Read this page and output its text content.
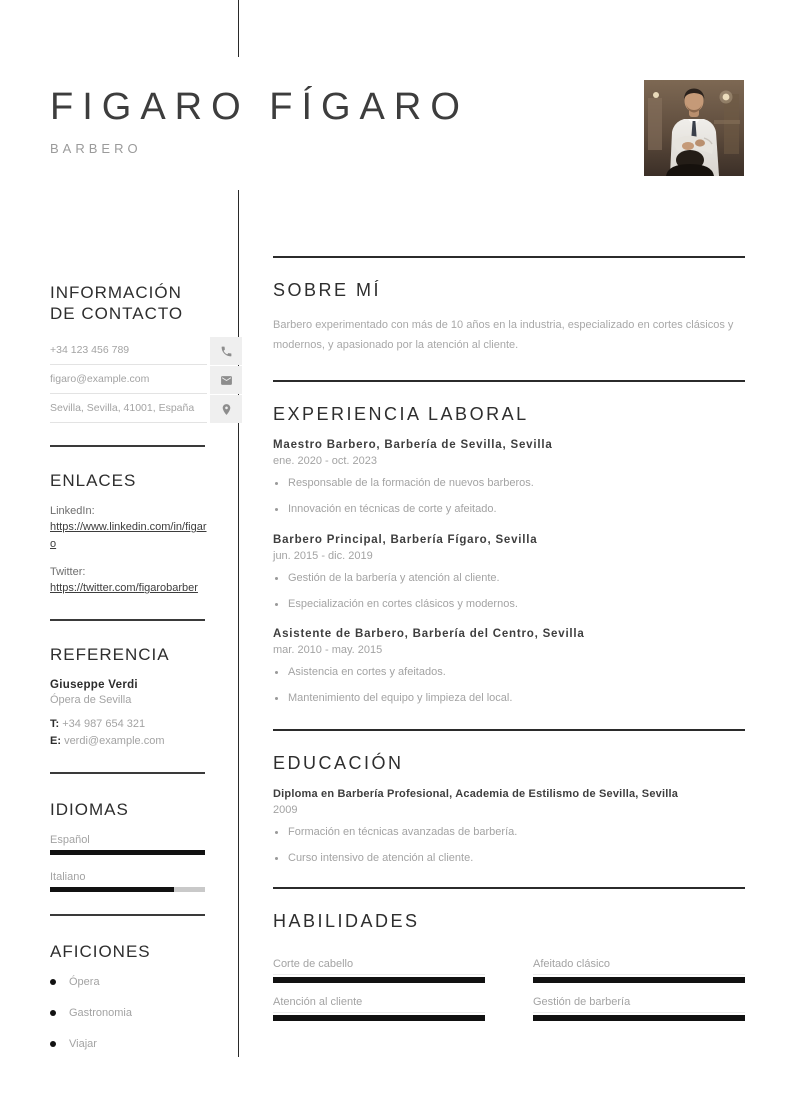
FIGARO FÍGARO
BARBERO
INFORMACIÓN DE CONTACTO
+34 123 456 789
figaro@example.com
Sevilla, Sevilla, 41001, España
ENLACES
LinkedIn:
https://www.linkedin.com/in/figaro
Twitter:
https://twitter.com/figarobarber
REFERENCIA
Giuseppe Verdi
Ópera de Sevilla
T: +34 987 654 321
E: verdi@example.com
IDIOMAS
Español
Italiano
AFICIONES
Ópera
Gastronomia
Viajar
SOBRE MÍ

Barbero experimentado con más de 10 años en la industria, especializado en cortes clásicos y modernos, y apasionado por la atención al cliente.

EXPERIENCIA LABORAL
Maestro Barbero, Barbería de Sevilla, Sevilla
ene. 2020 - oct. 2023
Responsable de la formación de nuevos barberos.
Innovación en técnicas de corte y afeitado.
Barbero Principal, Barbería Fígaro, Sevilla
jun. 2015 - dic. 2019
Gestión de la barbería y atención al cliente.
Especialización en cortes clásicos y modernos.
Asistente de Barbero, Barbería del Centro, Sevilla
mar. 2010 - may. 2015
Asistencia en cortes y afeitados.
Mantenimiento del equipo y limpieza del local.
EDUCACIÓN
Diploma en Barbería Profesional, Academia de Estilismo de Sevilla, Sevilla
2009
Formación en técnicas avanzadas de barbería.
Curso intensivo de atención al cliente.
HABILIDADES
Corte de cabello	Afeitado clásico
Atención al cliente	Gestión de barbería
